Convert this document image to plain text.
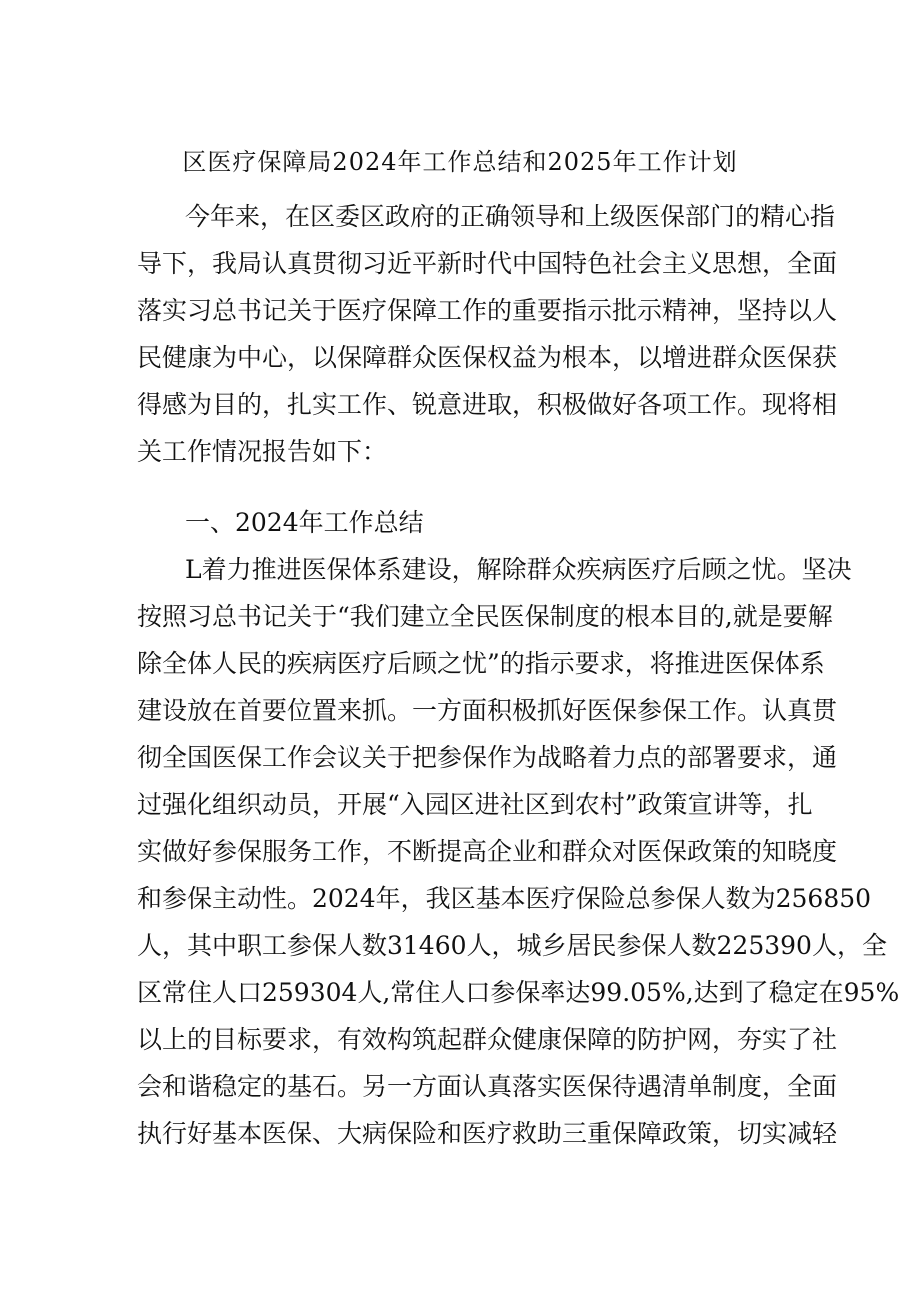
区医疗保障局2024年工作总结和2025年工作计划
今年来，在区委区政府的正确领导和上级医保部门的精心指
导下，我局认真贯彻习近平新时代中国特色社会主义思想，全面
落实习总书记关于医疗保障工作的重要指示批示精神，坚持以人
民健康为中心，以保障群众医保权益为根本，以增进群众医保获
得感为目的，扎实工作、锐意进取，积极做好各项工作。现将相
关工作情况报告如下：
一、2024年工作总结
L着力推进医保体系建设，解除群众疾病医疗后顾之忧。坚决
按照习总书记关于“我们建立全民医保制度的根本目的,就是要解
除全体人民的疾病医疗后顾之忧”的指示要求，将推进医保体系
建设放在首要位置来抓。一方面积极抓好医保参保工作。认真贯
彻全国医保工作会议关于把参保作为战略着力点的部署要求，通
过强化组织动员，开展“入园区进社区到农村”政策宣讲等，扎
实做好参保服务工作，不断提高企业和群众对医保政策的知晓度
和参保主动性。2024年，我区基本医疗保险总参保人数为256850
人，其中职工参保人数31460人，城乡居民参保人数225390人，全
区常住人口259304人,常住人口参保率达99.05%,达到了稳定在95%
以上的目标要求，有效构筑起群众健康保障的防护网，夯实了社
会和谐稳定的基石。另一方面认真落实医保待遇清单制度，全面
执行好基本医保、大病保险和医疗救助三重保障政策，切实减轻
